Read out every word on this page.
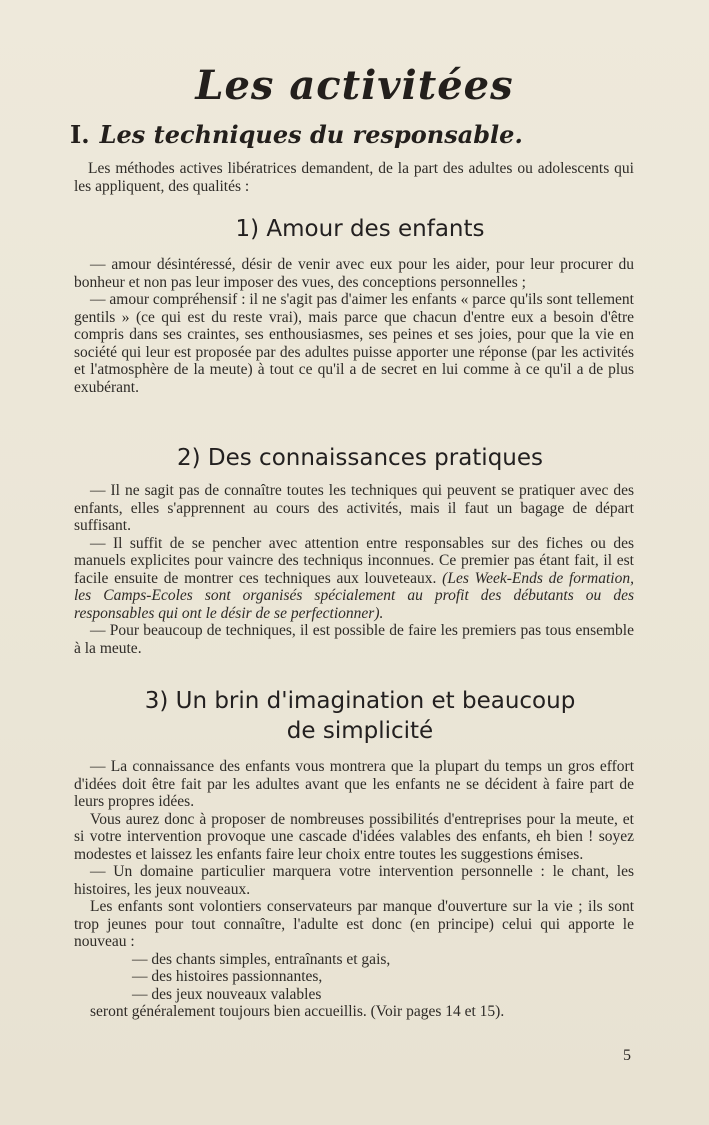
Les activitées
I. Les techniques du responsable.
Les méthodes actives libératrices demandent, de la part des adultes ou adolescents qui les appliquent, des qualités :
1) Amour des enfants

— amour désintéressé, désir de venir avec eux pour les aider, pour leur procurer du bonheur et non pas leur imposer des vues, des conceptions personnelles ;

— amour compréhensif : il ne s'agit pas d'aimer les enfants « parce qu'ils sont tellement gentils » (ce qui est du reste vrai), mais parce que chacun d'entre eux a besoin d'être compris dans ses craintes, ses enthousiasmes, ses peines et ses joies, pour que la vie en société qui leur est proposée par des adultes puisse apporter une réponse (par les activités et l'atmosphère de la meute) à tout ce qu'il a de secret en lui comme à ce qu'il a de plus exubérant.

2) Des connaissances pratiques

— Il ne sagit pas de connaître toutes les techniques qui peuvent se pratiquer avec des enfants, elles s'apprennent au cours des activités, mais il faut un bagage de départ suffisant.

— Il suffit de se pencher avec attention entre responsables sur des fiches ou des manuels explicites pour vaincre des techniqus inconnues. Ce premier pas étant fait, il est facile ensuite de montrer ces techniques aux louveteaux. (Les Week-Ends de formation, les Camps-Ecoles sont organisés spécialement au profit des débutants ou des responsables qui ont le désir de se perfectionner).

— Pour beaucoup de techniques, il est possible de faire les premiers pas tous ensemble à la meute.

3) Un brin d'imagination et beaucoup
de simplicité

— La connaissance des enfants vous montrera que la plupart du temps un gros effort d'idées doit être fait par les adultes avant que les enfants ne se décident à faire part de leurs propres idées.

Vous aurez donc à proposer de nombreuses possibilités d'entreprises pour la meute, et si votre intervention provoque une cascade d'idées valables des enfants, eh bien ! soyez modestes et laissez les enfants faire leur choix entre toutes les suggestions émises.

— Un domaine particulier marquera votre intervention personnelle : le chant, les histoires, les jeux nouveaux.

Les enfants sont volontiers conservateurs par manque d'ouverture sur la vie ; ils sont trop jeunes pour tout connaître, l'adulte est donc (en principe) celui qui apporte le nouveau :

— des chants simples, entraînants et gais,

— des histoires passionnantes,

— des jeux nouveaux valables

seront généralement toujours bien accueillis. (Voir pages 14 et 15).

5
